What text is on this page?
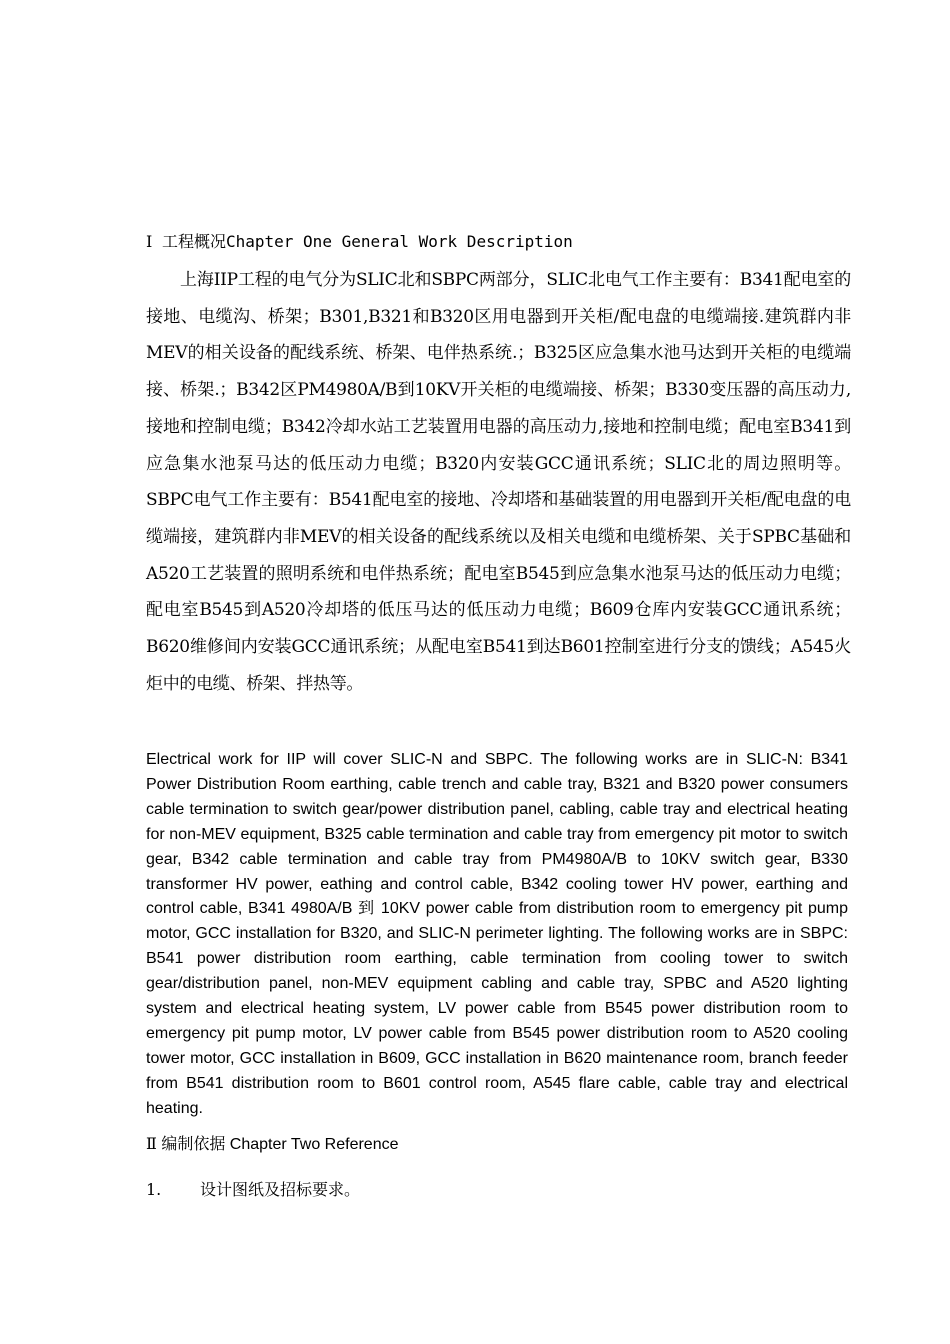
Ⅰ 工程概况Chapter One General Work Description
上海IIP工程的电气分为SLIC北和SBPC两部分，SLIC北电气工作主要有：B341配电室的接地、电缆沟、桥架；B301,B321和B320区用电器到开关柜/配电盘的电缆端接.建筑群内非MEV的相关设备的配线系统、桥架、电伴热系统.；B325区应急集水池马达到开关柜的电缆端接、桥架.；B342区PM4980A/B到10KV开关柜的电缆端接、桥架；B330变压器的高压动力,接地和控制电缆；B342冷却水站工艺装置用电器的高压动力,接地和控制电缆；配电室B341到应急集水池泵马达的低压动力电缆；B320内安装GCC通讯系统；SLIC北的周边照明等。 SBPC电气工作主要有：B541配电室的接地、冷却塔和基础装置的用电器到开关柜/配电盘的电缆端接，建筑群内非MEV的相关设备的配线系统以及相关电缆和电缆桥架、关于SPBC基础和A520工艺装置的照明系统和电伴热系统；配电室B545到应急集水池泵马达的低压动力电缆；配电室B545到A520冷却塔的低压马达的低压动力电缆；B609仓库内安装GCC通讯系统；B620维修间内安装GCC通讯系统；从配电室B541到达B601控制室进行分支的馈线；A545火炬中的电缆、桥架、拌热等。
Electrical work for IIP will cover SLIC-N and SBPC. The following works are in SLIC-N: B341 Power Distribution Room earthing, cable trench and cable tray, B321 and B320 power consumers cable termination to switch gear/power distribution panel, cabling, cable tray and electrical heating for non-MEV equipment, B325 cable termination and cable tray from emergency pit motor to switch gear, B342 cable termination and cable tray from PM4980A/B to 10KV switch gear, B330 transformer HV power, eathing and control cable, B342 cooling tower HV power, earthing and control cable, B341 4980A/B 到 10KV power cable from distribution room to emergency pit pump motor, GCC installation for B320, and SLIC-N perimeter lighting. The following works are in SBPC: B541 power distribution room earthing, cable termination from cooling tower to switch gear/distribution panel, non-MEV equipment cabling and cable tray, SPBC and A520 lighting system and electrical heating system, LV power cable from B545 power distribution room to emergency pit pump motor, LV power cable from B545 power distribution room to A520 cooling tower motor, GCC installation in B609, GCC installation in B620 maintenance room, branch feeder from B541 distribution room to B601 control room, A545 flare cable, cable tray and electrical heating.
Ⅱ 编制依据 Chapter Two Reference
1. 设计图纸及招标要求。
